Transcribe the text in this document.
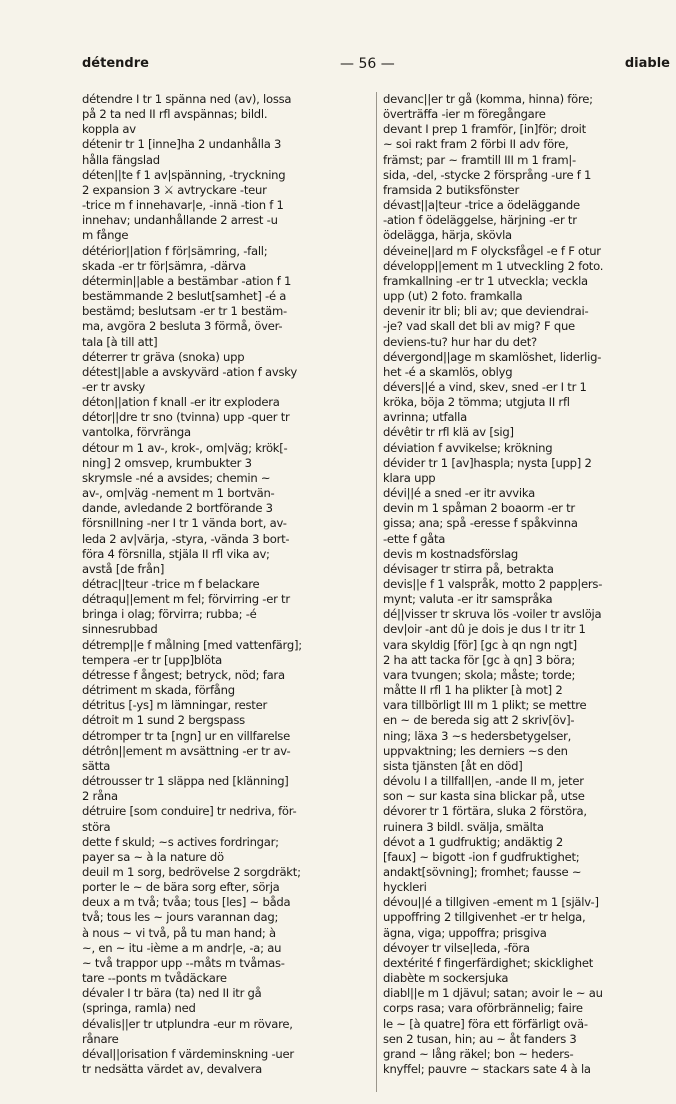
détendre	— 56 —	diable
détendre I tr 1 spänna ned (av), lossa
på 2 ta ned II rfl avspännas; bildl.
koppla av
détenir tr 1 [inne]ha 2 undanhålla 3
hålla fängslad
déten||te f 1 av|spänning, -tryckning
2 expansion 3 ⚔ avtryckare -teur
-trice m f innehavar|e, -innä -tion f 1
innehav; undanhållande 2 arrest -u
m fånge
détérior||ation f för|sämring, -fall;
skada -er tr för|sämra, -därva
détermin||able a bestämbar -ation f 1
bestämmande 2 beslut[samhet] -é a
bestämd; beslutsam -er tr 1 bestäm-
ma, avgöra 2 besluta 3 förmå, över-
tala [à till att]
déterrer tr gräva (snoka) upp
détest||able a avskyvärd -ation f avsky
-er tr avsky
déton||ation f knall -er itr explodera
détor||dre tr sno (tvinna) upp -quer tr
vantolka, förvränga
détour m 1 av-, krok-, om|väg; krök[-
ning] 2 omsvep, krumbukter 3
skrymsle -né a avsides; chemin ~
av-, om|väg -nement m 1 bortvän-
dande, avledande 2 bortförande 3
försnillning -ner I tr 1 vända bort, av-
leda 2 av|värja, -styra, -vända 3 bort-
föra 4 försnilla, stjäla II rfl vika av;
avstå [de från]
détrac||teur -trice m f belackare
détraqu||ement m fel; förvirring -er tr
bringa i olag; förvirra; rubba; -é
sinnesrubbad
détremp||e f målning [med vattenfärg];
tempera -er tr [upp]blöta
détresse f ångest; betryck, nöd; fara
détriment m skada, förfång
détritus [-ys] m lämningar, rester
détroit m 1 sund 2 bergspass
détromper tr ta [ngn] ur en villfarelse
détrôn||ement m avsättning -er tr av-
sätta
détrousser tr 1 släppa ned [klänning]
2 råna
détruire [som conduire] tr nedriva, för-
störa
dette f skuld; ~s actives fordringar;
payer sa ~ à la nature dö
deuil m 1 sorg, bedrövelse 2 sorgdräkt;
porter le ~ de bära sorg efter, sörja
deux a m två; tvåa; tous [les] ~ båda
två; tous les ~ jours varannan dag;
à nous ~ vi två, på tu man hand; à
~, en ~ itu -ième a m andr|e, -a; au
~ två trappor upp --måts m tvåmas-
tare --ponts m tvådäckare
dévaler I tr bära (ta) ned II itr gå
(springa, ramla) ned
dévalis||er tr utplundra -eur m rövare,
rånare
déval||orisation f värdeminskning -uer
tr nedsätta värdet av, devalvera
devanc||er tr gå (komma, hinna) före;
överträffa -ier m föregångare
devant I prep 1 framför, [in]för; droit
~ soi rakt fram 2 förbi II adv före,
främst; par ~ framtill III m 1 fram|-
sida, -del, -stycke 2 försprång -ure f 1
framsida 2 butiksfönster
dévast||a|teur -trice a ödeläggande
-ation f ödeläggelse, härjning -er tr
ödelägga, härja, skövla
déveine||ard m F olycksfågel -e f F otur
développ||ement m 1 utveckling 2 foto.
framkallning -er tr 1 utveckla; veckla
upp (ut) 2 foto. framkalla
devenir itr bli; bli av; que deviendrai-
-je? vad skall det bli av mig? F que
deviens-tu? hur har du det?
dévergond||age m skamlöshet, liderlig-
het -é a skamlös, oblyg
dévers||é a vind, skev, sned -er I tr 1
kröka, böja 2 tömma; utgjuta II rfl
avrinna; utfalla
dévêtir tr rfl klä av [sig]
déviation f avvikelse; krökning
dévider tr 1 [av]haspla; nysta [upp] 2
klara upp
dévi||é a sned -er itr avvika
devin m 1 spåman 2 boaorm -er tr
gissa; ana; spå -eresse f spåkvinna
-ette f gåta
devis m kostnadsförslag
dévisager tr stirra på, betrakta
devis||e f 1 valspråk, motto 2 papp|ers-
mynt; valuta -er itr samspråka
dé||visser tr skruva lös -voiler tr avslöja
dev|oir -ant dû je dois je dus I tr itr 1
vara skyldig [för] [gc à qn ngn ngt]
2 ha att tacka för [gc à qn] 3 böra;
vara tvungen; skola; måste; torde;
måtte II rfl 1 ha plikter [à mot] 2
vara tillbörligt III m 1 plikt; se mettre
en ~ de bereda sig att 2 skriv[öv]-
ning; läxa 3 ~s hedersbetygelser,
uppvaktning; les derniers ~s den
sista tjänsten [åt en död]
dévolu I a tillfall|en, -ande II m, jeter
son ~ sur kasta sina blickar på, utse
dévorer tr 1 förtära, sluka 2 förstöra,
ruinera 3 bildl. svälja, smälta
dévot a 1 gudfruktig; andäktig 2
[faux] ~ bigott -ion f gudfruktighet;
andakt[sövning]; fromhet; fausse ~
hyckleri
dévou||é a tillgiven -ement m 1 [själv-]
uppoffring 2 tillgivenhet -er tr helga,
ägna, viga; uppoffra; prisgiva
dévoyer tr vilse|leda, -föra
dextérité f fingerfärdighet; skicklighet
diabète m sockersjuka
diabl||e m 1 djävul; satan; avoir le ~ au
corps rasa; vara oförbrännelig; faire
le ~ [à quatre] föra ett förfärligt ovä-
sen 2 tusan, hin; au ~ åt fanders 3
grand ~ lång räkel; bon ~ heders-
knyffel; pauvre ~ stackars sate 4 à la
